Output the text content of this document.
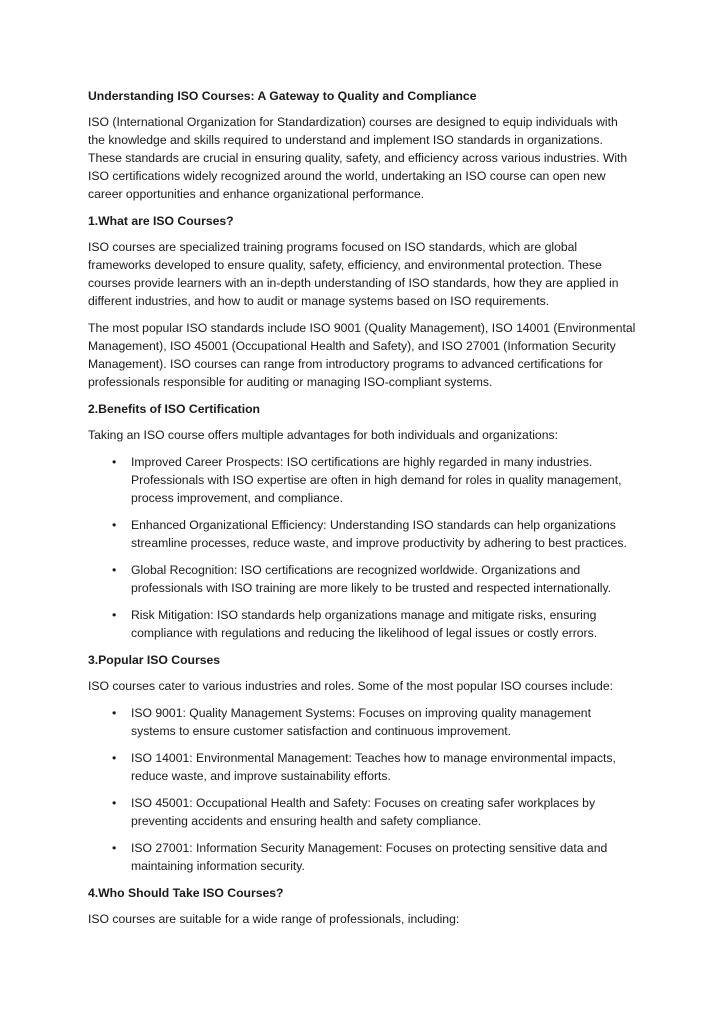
Understanding ISO Courses: A Gateway to Quality and Compliance

ISO (International Organization for Standardization) courses are designed to equip individuals with the knowledge and skills required to understand and implement ISO standards in organizations. These standards are crucial in ensuring quality, safety, and efficiency across various industries. With ISO certifications widely recognized around the world, undertaking an ISO course can open new career opportunities and enhance organizational performance.

1.What are ISO Courses?

ISO courses are specialized training programs focused on ISO standards, which are global frameworks developed to ensure quality, safety, efficiency, and environmental protection. These courses provide learners with an in-depth understanding of ISO standards, how they are applied in different industries, and how to audit or manage systems based on ISO requirements.

The most popular ISO standards include ISO 9001 (Quality Management), ISO 14001 (Environmental Management), ISO 45001 (Occupational Health and Safety), and ISO 27001 (Information Security Management). ISO courses can range from introductory programs to advanced certifications for professionals responsible for auditing or managing ISO-compliant systems.

2.Benefits of ISO Certification

Taking an ISO course offers multiple advantages for both individuals and organizations:

• Improved Career Prospects: ISO certifications are highly regarded in many industries. Professionals with ISO expertise are often in high demand for roles in quality management, process improvement, and compliance.
• Enhanced Organizational Efficiency: Understanding ISO standards can help organizations streamline processes, reduce waste, and improve productivity by adhering to best practices.
• Global Recognition: ISO certifications are recognized worldwide. Organizations and professionals with ISO training are more likely to be trusted and respected internationally.
• Risk Mitigation: ISO standards help organizations manage and mitigate risks, ensuring compliance with regulations and reducing the likelihood of legal issues or costly errors.
3.Popular ISO Courses

ISO courses cater to various industries and roles. Some of the most popular ISO courses include:

• ISO 9001: Quality Management Systems: Focuses on improving quality management systems to ensure customer satisfaction and continuous improvement.
• ISO 14001: Environmental Management: Teaches how to manage environmental impacts, reduce waste, and improve sustainability efforts.
• ISO 45001: Occupational Health and Safety: Focuses on creating safer workplaces by preventing accidents and ensuring health and safety compliance.
• ISO 27001: Information Security Management: Focuses on protecting sensitive data and maintaining information security.
4.Who Should Take ISO Courses?

ISO courses are suitable for a wide range of professionals, including:
